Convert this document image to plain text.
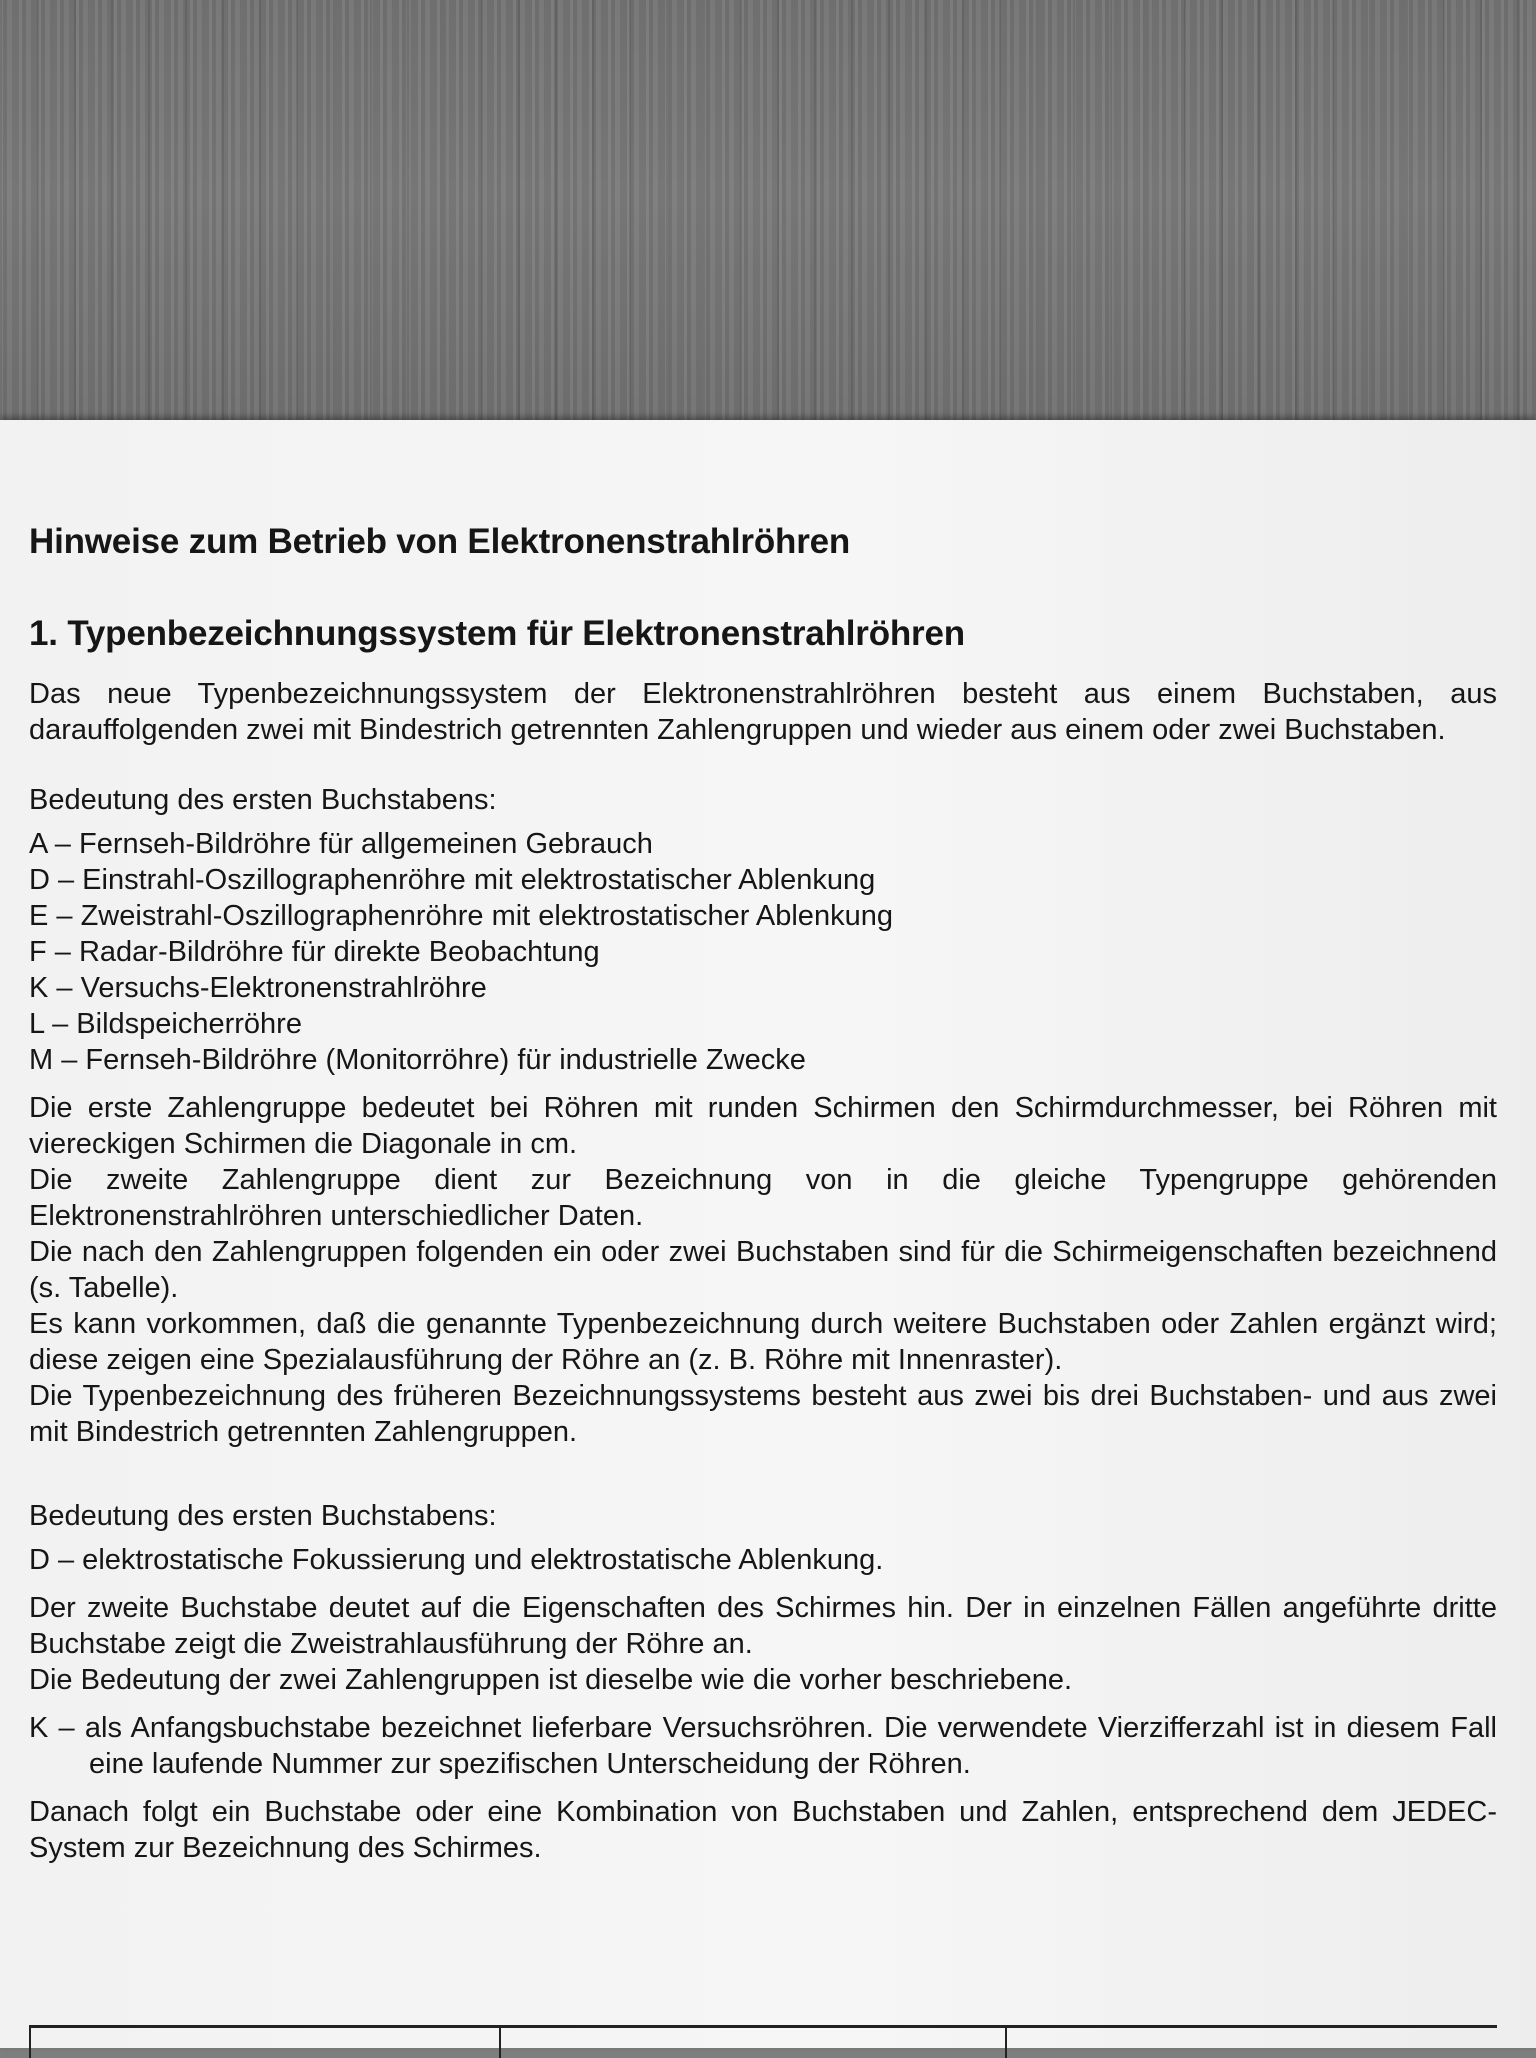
Hinweise zum Betrieb von Elektronenstrahlröhren
1. Typenbezeichnungssystem für Elektronenstrahlröhren

Das neue Typenbezeichnungssystem der Elektronenstrahlröhren besteht aus einem Buchstaben, aus darauffolgenden zwei mit Bindestrich getrennten Zahlengruppen und wieder aus einem oder zwei Buchstaben.

Bedeutung des ersten Buchstabens:

A – Fernseh-Bildröhre für allgemeinen Gebrauch
D – Einstrahl-Oszillographenröhre mit elektrostatischer Ablenkung
E – Zweistrahl-Oszillographenröhre mit elektrostatischer Ablenkung
F – Radar-Bildröhre für direkte Beobachtung
K – Versuchs-Elektronenstrahlröhre
L – Bildspeicherröhre
M – Fernseh-Bildröhre (Monitorröhre) für industrielle Zwecke

Die erste Zahlengruppe bedeutet bei Röhren mit runden Schirmen den Schirmdurchmesser, bei Röhren mit viereckigen Schirmen die Diagonale in cm.

Die zweite Zahlengruppe dient zur Bezeichnung von in die gleiche Typengruppe gehörenden Elektronenstrahlröhren unterschiedlicher Daten.

Die nach den Zahlengruppen folgenden ein oder zwei Buchstaben sind für die Schirmeigenschaften bezeichnend (s. Tabelle).

Es kann vorkommen, daß die genannte Typenbezeichnung durch weitere Buchstaben oder Zahlen ergänzt wird; diese zeigen eine Spezialausführung der Röhre an (z. B. Röhre mit Innenraster).

Die Typenbezeichnung des früheren Bezeichnungssystems besteht aus zwei bis drei Buchstaben- und aus zwei mit Bindestrich getrennten Zahlengruppen.

Bedeutung des ersten Buchstabens:

D – elektrostatische Fokussierung und elektrostatische Ablenkung.

Der zweite Buchstabe deutet auf die Eigenschaften des Schirmes hin. Der in einzelnen Fällen angeführte dritte Buchstabe zeigt die Zweistrahlausführung der Röhre an.

Die Bedeutung der zwei Zahlengruppen ist dieselbe wie die vorher beschriebene.

K – als Anfangsbuchstabe bezeichnet lieferbare Versuchsröhren. Die verwendete Vierzifferzahl ist in diesem Fall eine laufende Nummer zur spezifischen Unterscheidung der Röhren.

Danach folgt ein Buchstabe oder eine Kombination von Buchstaben und Zahlen, entsprechend dem JEDEC-System zur Bezeichnung des Schirmes.
